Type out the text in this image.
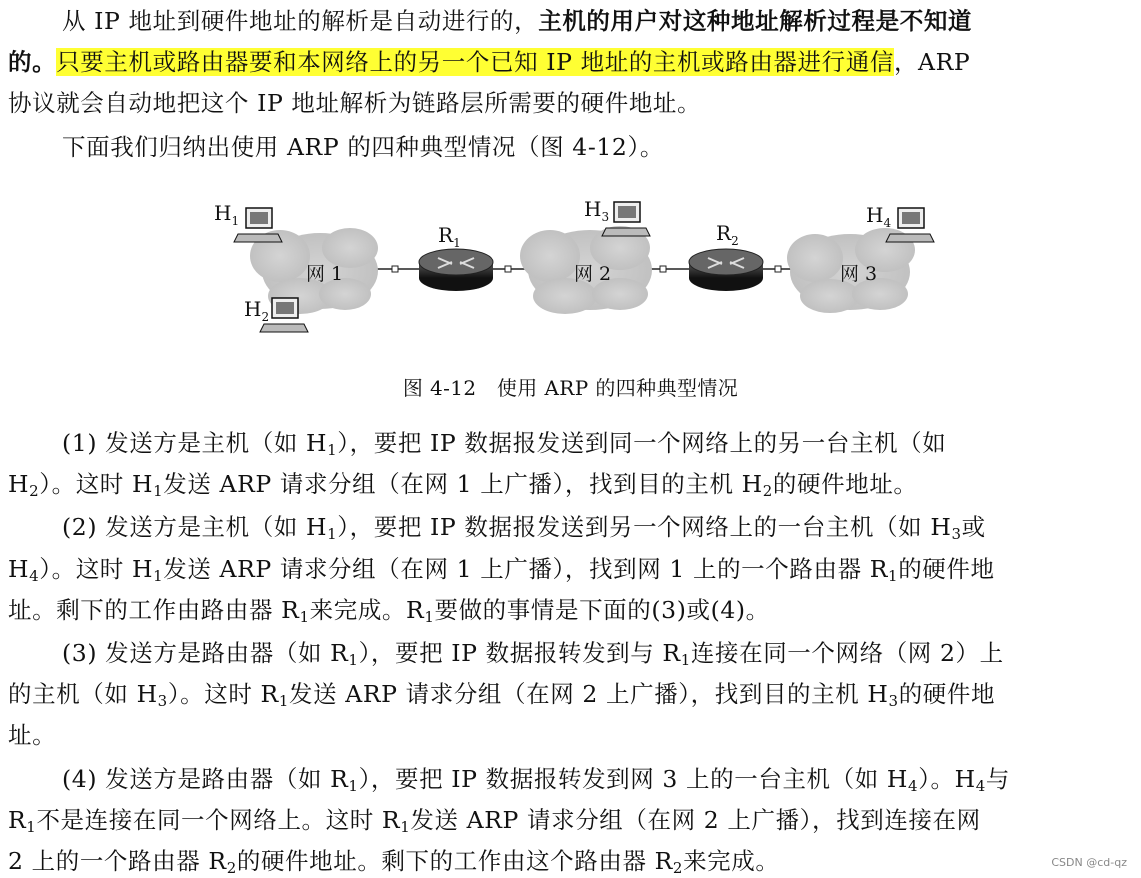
从 IP 地址到硬件地址的解析是自动进行的，主机的用户对这种地址解析过程是不知道
的。只要主机或路由器要和本网络上的另一个已知 IP 地址的主机或路由器进行通信，ARP
协议就会自动地把这个 IP 地址解析为链路层所需要的硬件地址。
下面我们归纳出使用 ARP 的四种典型情况（图 4-12）。
$H_1$
$H_2$
$H_3$	$H_4$
$R_1$	$R_2$
网 1	网 2	网 3
图 4-12　使用 ARP 的四种典型情况
(1) 发送方是主机（如 $H_1$），要把 IP 数据报发送到同一个网络上的另一台主机（如
$H_2$）。这时 $H_1$发送 ARP 请求分组（在网 1 上广播），找到目的主机 $H_2$的硬件地址。
(2) 发送方是主机（如 $H_1$），要把 IP 数据报发送到另一个网络上的一台主机（如 $H_3$或
$H_4$）。这时 $H_1$发送 ARP 请求分组（在网 1 上广播），找到网 1 上的一个路由器 $R_1$的硬件地
址。剩下的工作由路由器 $R_1$来完成。$R_1$要做的事情是下面的(3)或(4)。
(3) 发送方是路由器（如 $R_1$），要把 IP 数据报转发到与 $R_1$连接在同一个网络（网 2）上
的主机（如 $H_3$）。这时 $R_1$发送 ARP 请求分组（在网 2 上广播），找到目的主机 $H_3$的硬件地
址。
(4) 发送方是路由器（如 $R_1$），要把 IP 数据报转发到网 3 上的一台主机（如 $H_4$）。$H_4$与
$R_1$不是连接在同一个网络上。这时 $R_1$发送 ARP 请求分组（在网 2 上广播），找到连接在网
2 上的一个路由器 $R_2$的硬件地址。剩下的工作由这个路由器 $R_2$来完成。	CSDN @cd-qz
